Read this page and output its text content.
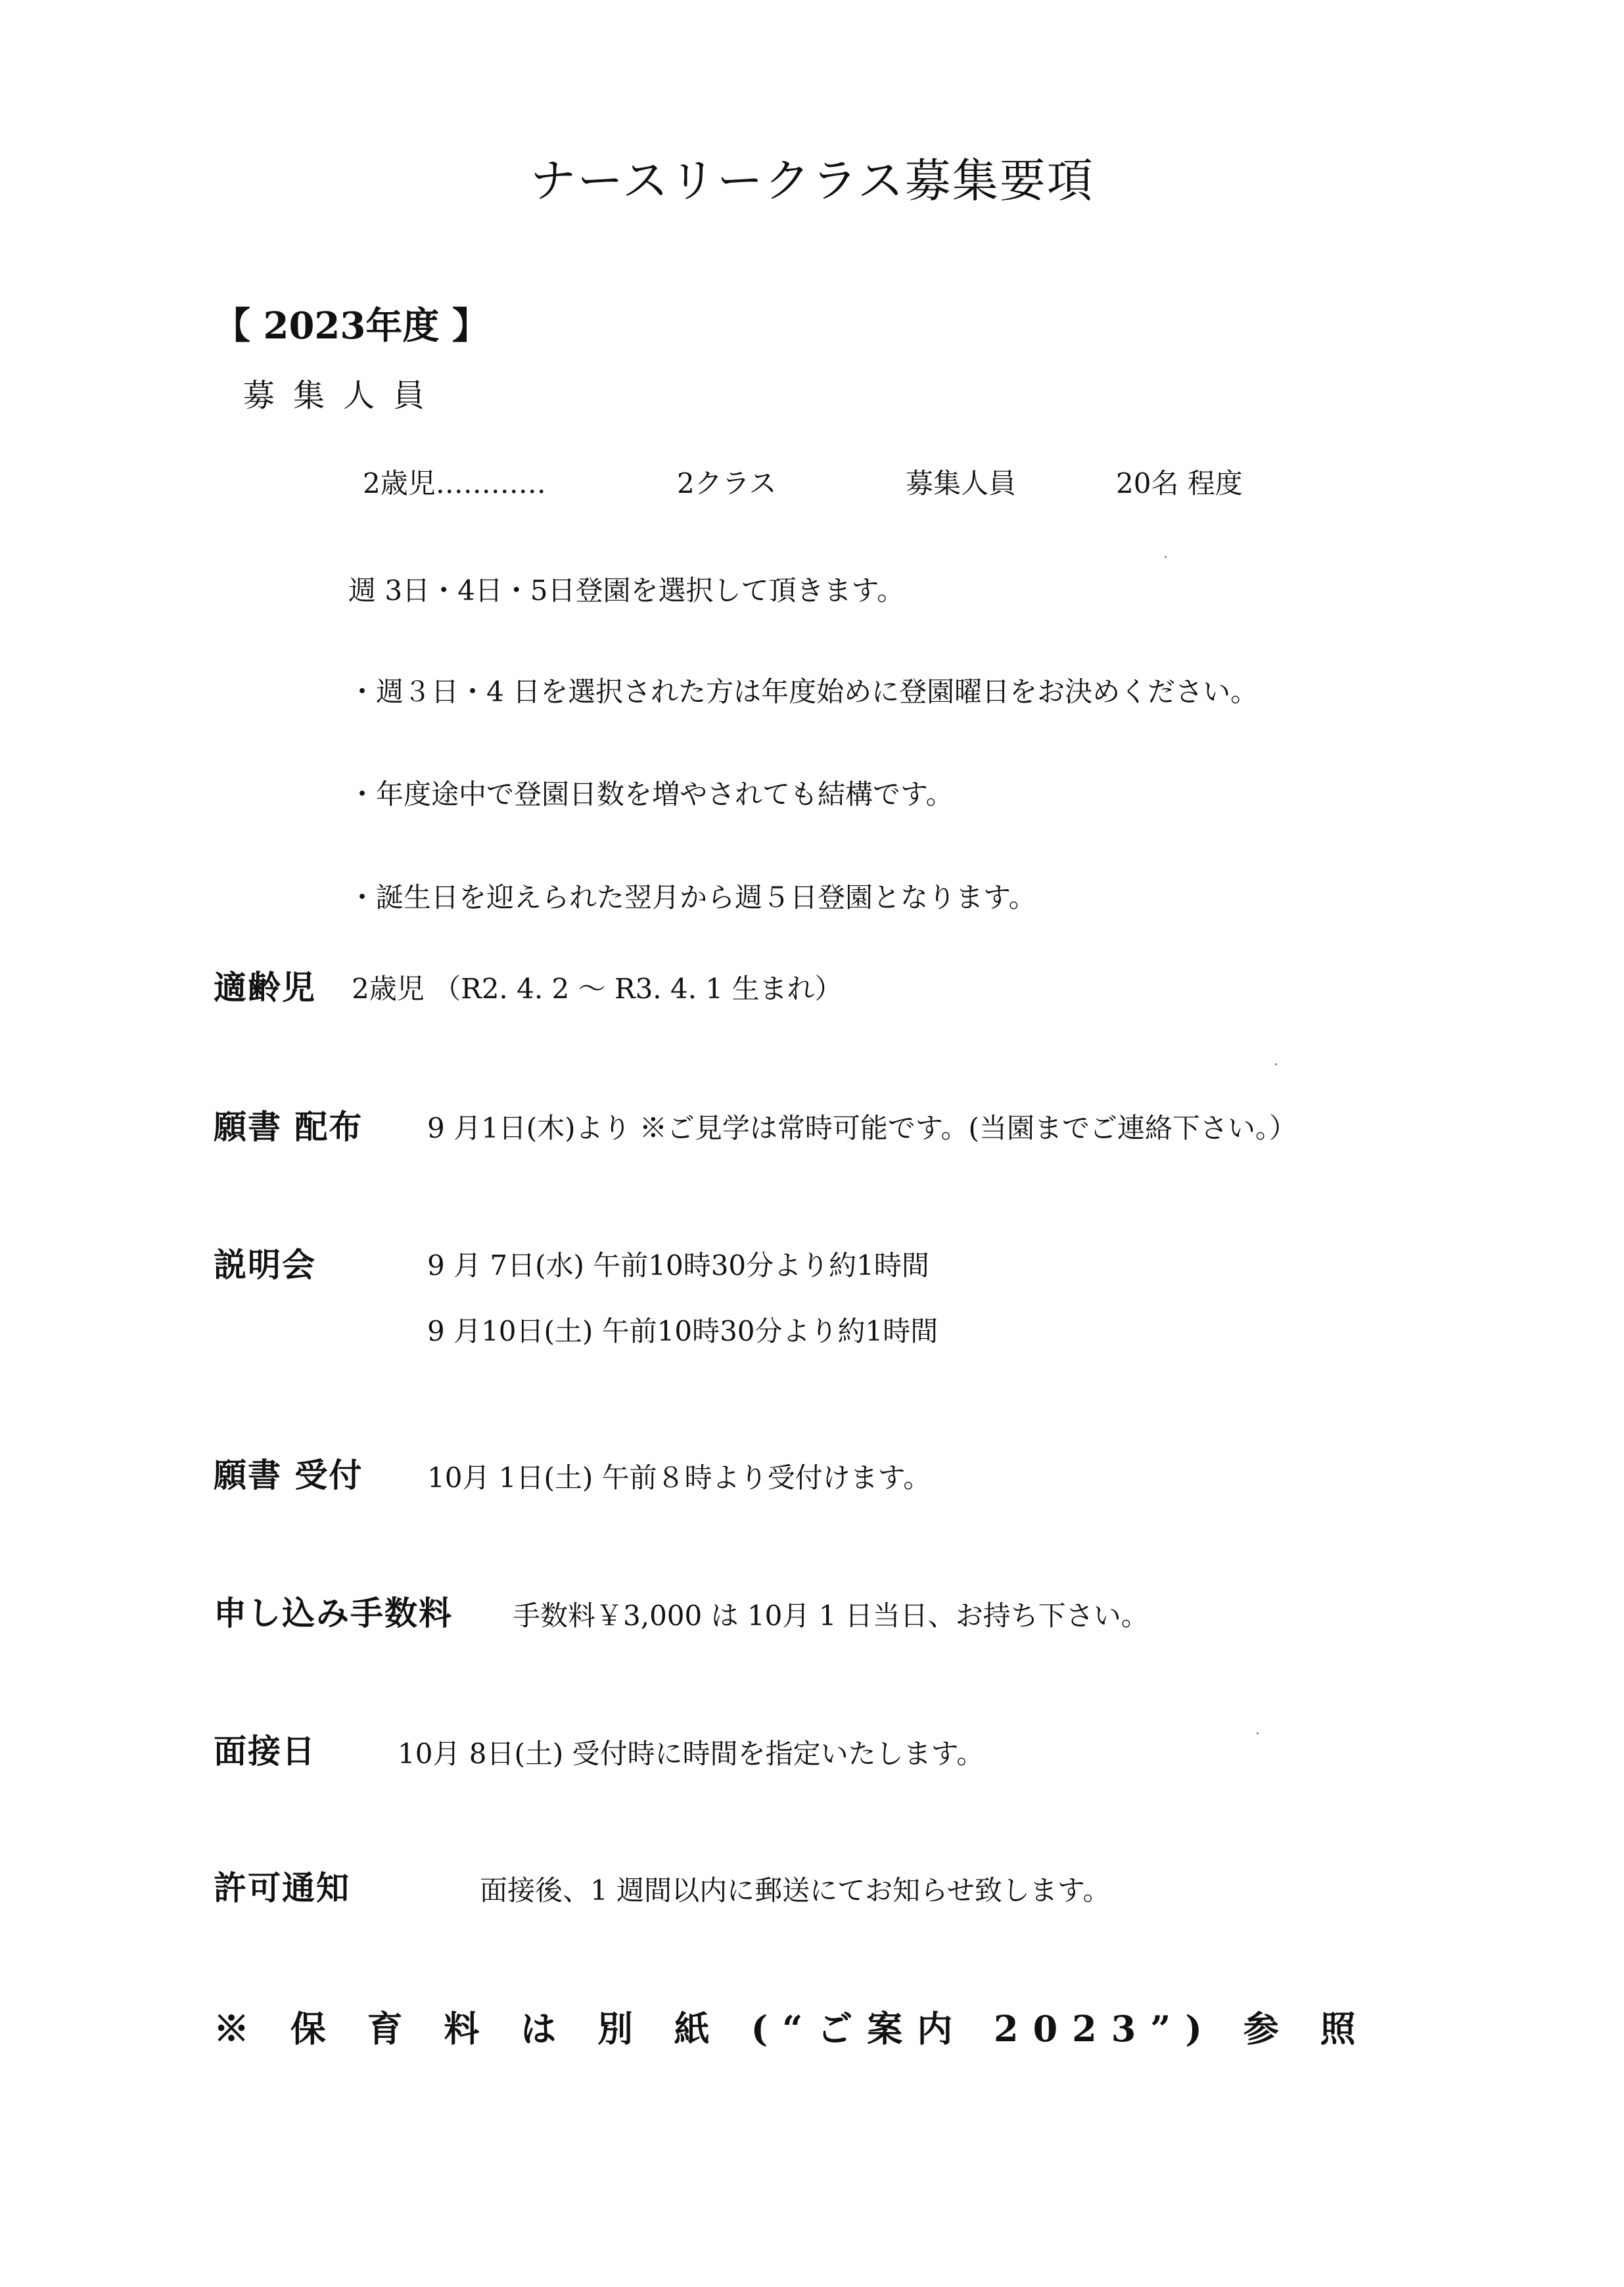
ナースリークラス募集要項
【 2023年度 】
募集人員
2歳児‥‥‥‥‥‥	2クラス	募集人員	20名 程度
週 3日・4日・5日登園を選択して頂きます。
・週３日・4 日を選択された方は年度始めに登園曜日をお決めください。
・年度途中で登園日数を増やされても結構です。
・誕生日を迎えられた翌月から週５日登園となります。
適齢児 2歳児 （R2. 4. 2 ～ R3. 4. 1 生まれ）
願書 配布 9 月1日(木)より ※ご見学は常時可能です。(当園までご連絡下さい。）
説明会	9 月 7日(水) 午前10時30分より約1時間
9 月10日(土) 午前10時30分より約1時間
願書 受付 10月 1日(土) 午前８時より受付けます。
申し込み手数料 手数料￥3,000 は 10月 1 日当日、お持ち下さい。
面接日	10月 8日(土) 受付時に時間を指定いたします。
許可通知	面接後、1 週間以内に郵送にてお知らせ致します。
※ 保 育 料 は 別 紙 (“ご案内 2023”) 参 照
